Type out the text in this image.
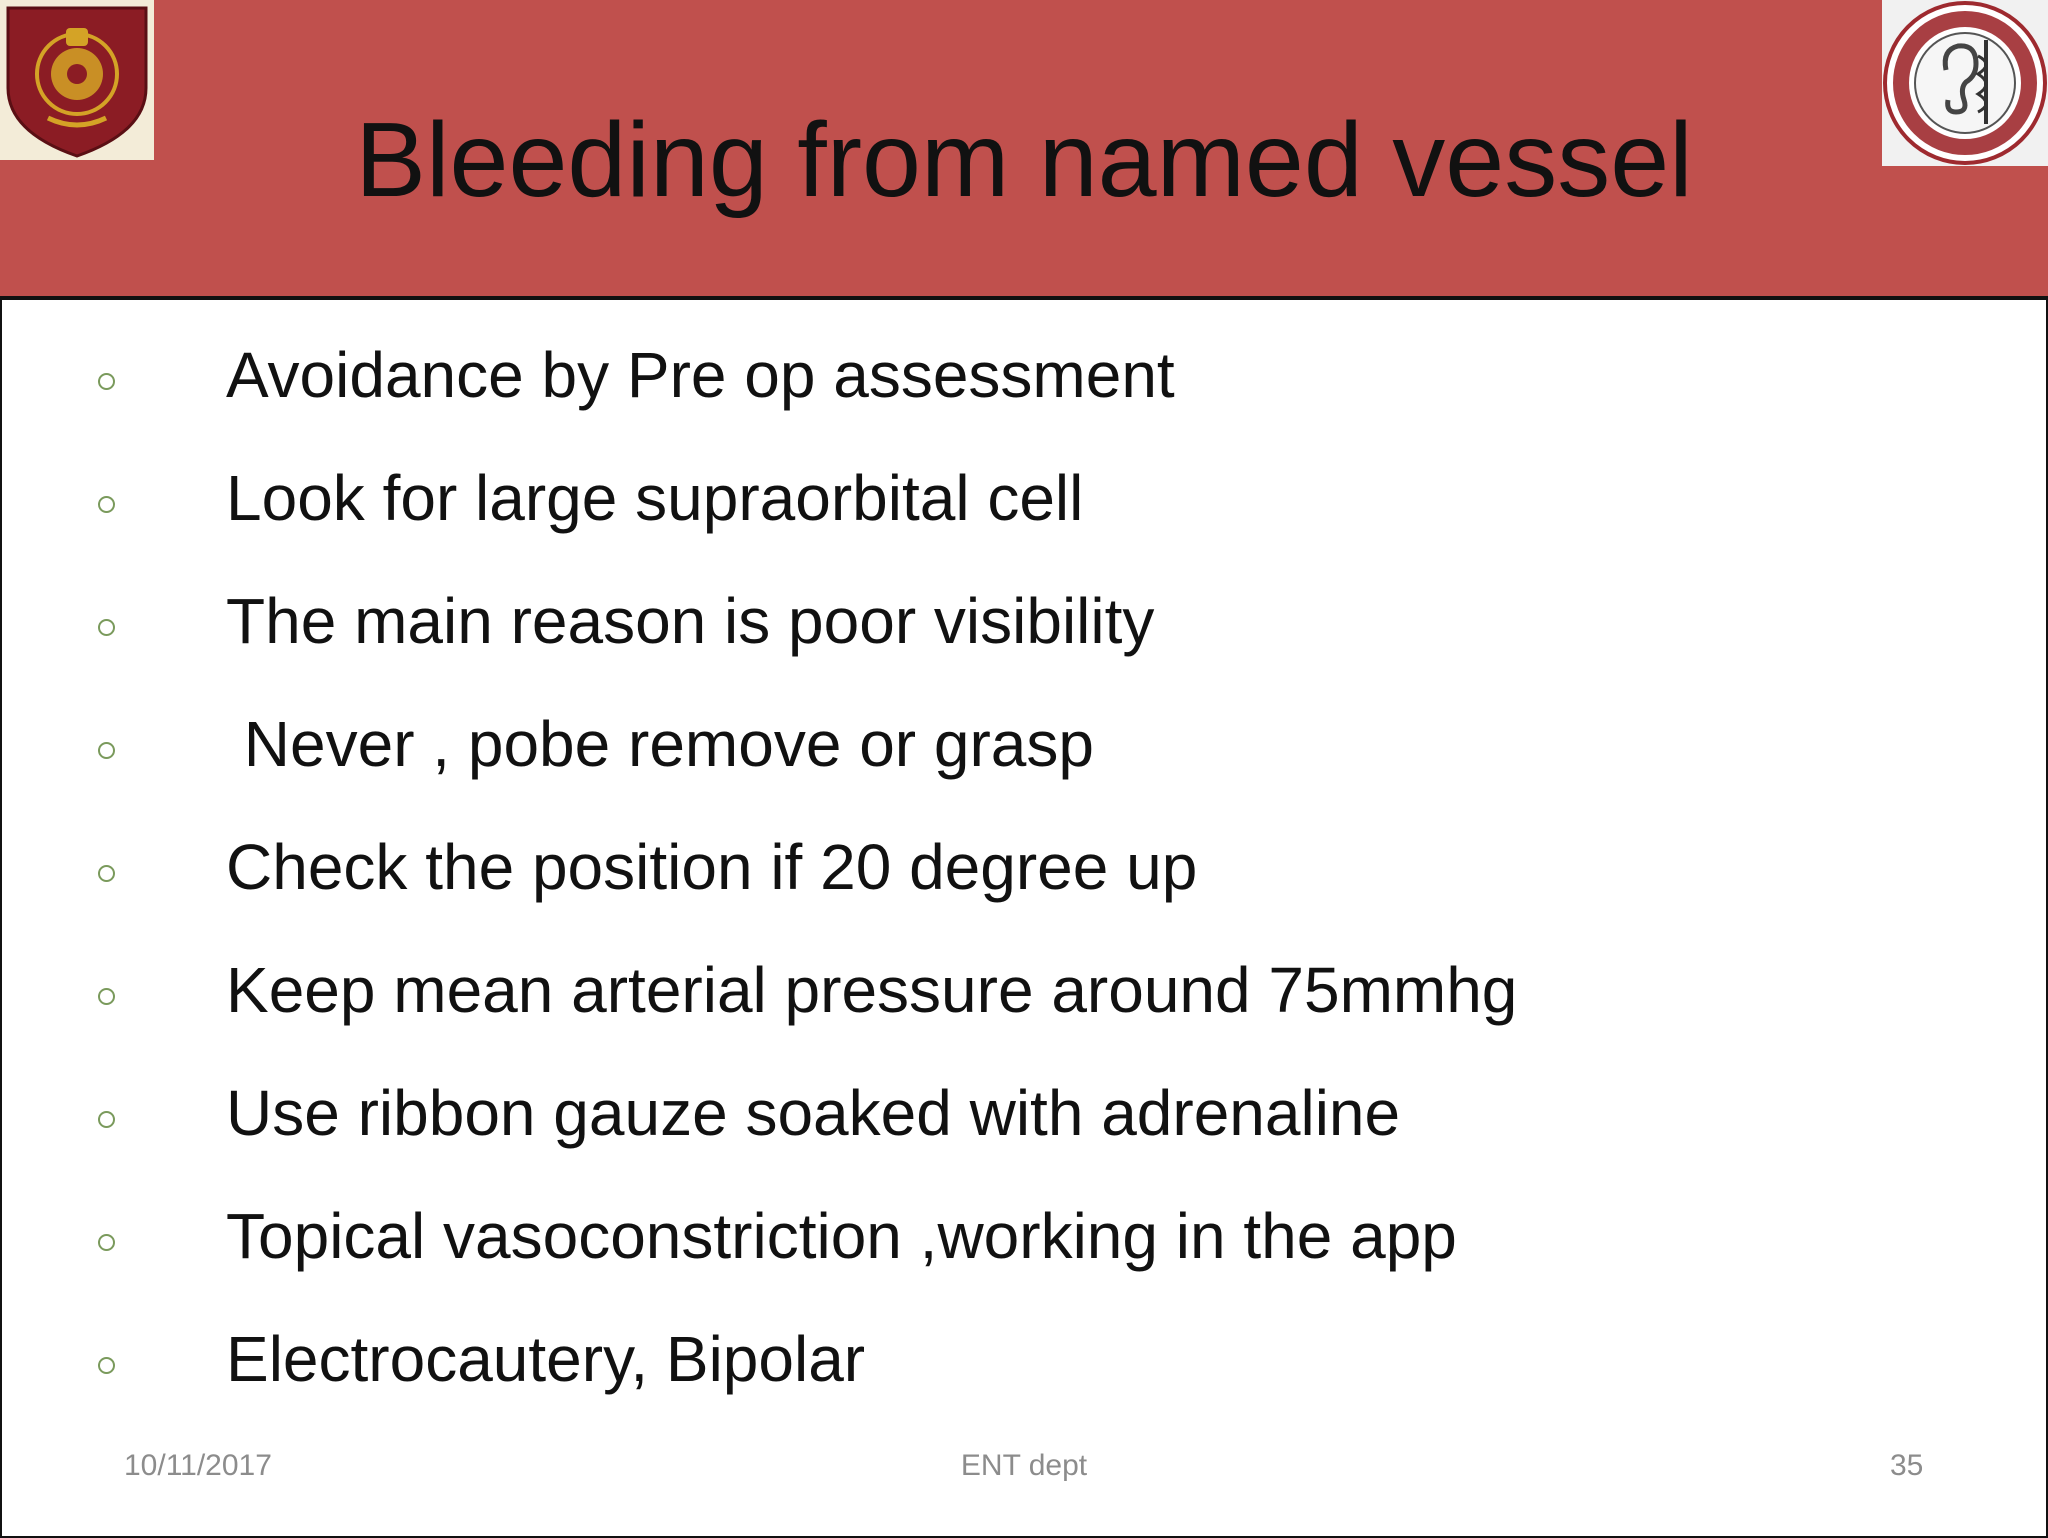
Bleeding from named vessel
Avoidance by Pre op assessment
Look for large supraorbital cell
The main reason is poor visibility
Never , pobe remove or grasp
Check the position if 20 degree up
Keep mean arterial pressure around 75mmhg
Use ribbon gauze soaked with adrenaline
Topical vasoconstriction ,working in the app
Electrocautery, Bipolar
10/11/2017	ENT dept	35
